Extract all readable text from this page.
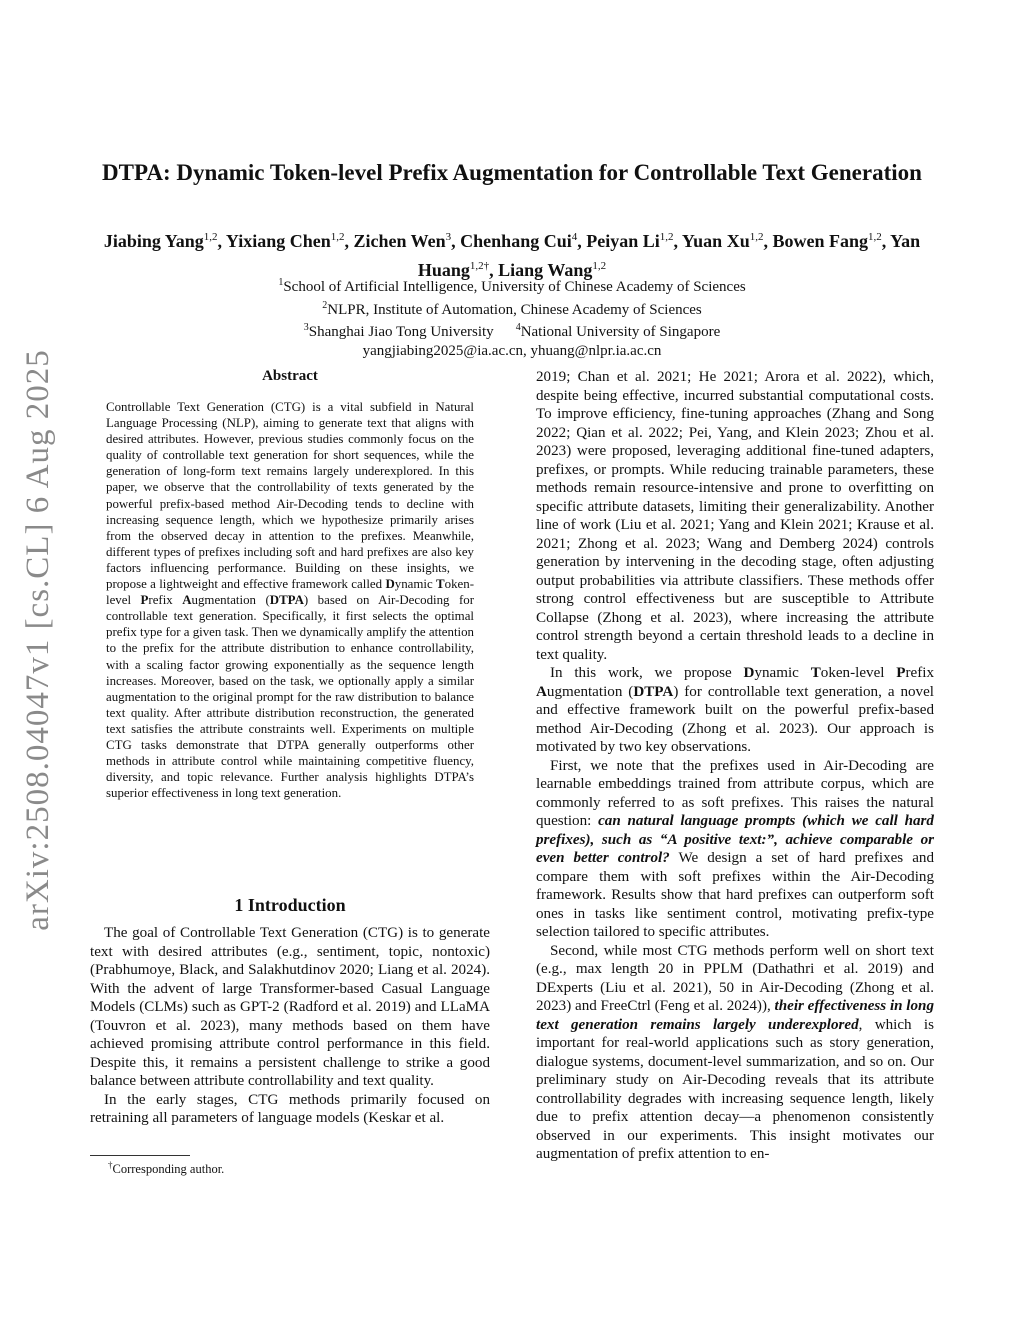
arXiv:2508.04047v1 [cs.CL] 6 Aug 2025
DTPA: Dynamic Token-level Prefix Augmentation for Controllable Text Generation
Jiabing Yang$^{1,2}$, Yixiang Chen$^{1,2}$, Zichen Wen$^3$, Chenhang Cui$^4$, Peiyan Li$^{1,2}$, Yuan Xu$^{1,2}$, Bowen Fang$^{1,2}$, Yan Huang$^{1,2\dagger}$, Liang Wang$^{1,2}$
$^1$School of Artificial Intelligence, University of Chinese Academy of Sciences
$^2$NLPR, Institute of Automation, Chinese Academy of Sciences
$^3$Shanghai Jiao Tong University $^4$National University of Singapore
yangjiabing2025@ia.ac.cn, yhuang@nlpr.ia.ac.cn
Abstract
Controllable Text Generation (CTG) is a vital subfield in Natural Language Processing (NLP), aiming to generate text that aligns with desired attributes. However, previous studies commonly focus on the quality of controllable text generation for short sequences, while the generation of long-form text remains largely underexplored. In this paper, we observe that the controllability of texts generated by the powerful prefix-based method Air-Decoding tends to decline with increasing sequence length, which we hypothesize primarily arises from the observed decay in attention to the prefixes. Meanwhile, different types of prefixes including soft and hard prefixes are also key factors influencing performance. Building on these insights, we propose a lightweight and effective framework called Dynamic Token-level Prefix Augmentation (DTPA) based on Air-Decoding for controllable text generation. Specifically, it first selects the optimal prefix type for a given task. Then we dynamically amplify the attention to the prefix for the attribute distribution to enhance controllability, with a scaling factor growing exponentially as the sequence length increases. Moreover, based on the task, we optionally apply a similar augmentation to the original prompt for the raw distribution to balance text quality. After attribute distribution reconstruction, the generated text satisfies the attribute constraints well. Experiments on multiple CTG tasks demonstrate that DTPA generally outperforms other methods in attribute control while maintaining competitive fluency, diversity, and topic relevance. Further analysis highlights DTPA’s superior effectiveness in long text generation.
1 Introduction

The goal of Controllable Text Generation (CTG) is to generate text with desired attributes (e.g., sentiment, topic, nontoxic) (Prabhumoye, Black, and Salakhutdinov 2020; Liang et al. 2024). With the advent of large Transformer-based Casual Language Models (CLMs) such as GPT-2 (Radford et al. 2019) and LLaMA (Touvron et al. 2023), many methods based on them have achieved promising attribute control performance in this field. Despite this, it remains a persistent challenge to strike a good balance between attribute controllability and text quality.

In the early stages, CTG methods primarily focused on retraining all parameters of language models (Keskar et al.

†Corresponding author.

2019; Chan et al. 2021; He 2021; Arora et al. 2022), which, despite being effective, incurred substantial computational costs. To improve efficiency, fine-tuning approaches (Zhang and Song 2022; Qian et al. 2022; Pei, Yang, and Klein 2023; Zhou et al. 2023) were proposed, leveraging additional fine-tuned adapters, prefixes, or prompts. While reducing trainable parameters, these methods remain resource-intensive and prone to overfitting on specific attribute datasets, limiting their generalizability. Another line of work (Liu et al. 2021; Yang and Klein 2021; Krause et al. 2021; Zhong et al. 2023; Wang and Demberg 2024) controls generation by intervening in the decoding stage, often adjusting output probabilities via attribute classifiers. These methods offer strong control effectiveness but are susceptible to Attribute Collapse (Zhong et al. 2023), where increasing the attribute control strength beyond a certain threshold leads to a decline in text quality.

In this work, we propose Dynamic Token-level Prefix Augmentation (DTPA) for controllable text generation, a novel and effective framework built on the powerful prefix-based method Air-Decoding (Zhong et al. 2023). Our approach is motivated by two key observations.

First, we note that the prefixes used in Air-Decoding are learnable embeddings trained from attribute corpus, which are commonly referred to as soft prefixes. This raises the natural question: can natural language prompts (which we call hard prefixes), such as “A positive text:”, achieve comparable or even better control? We design a set of hard prefixes and compare them with soft prefixes within the Air-Decoding framework. Results show that hard prefixes can outperform soft ones in tasks like sentiment control, motivating prefix-type selection tailored to specific attributes.

Second, while most CTG methods perform well on short text (e.g., max length 20 in PPLM (Dathathri et al. 2019) and DExperts (Liu et al. 2021), 50 in Air-Decoding (Zhong et al. 2023) and FreeCtrl (Feng et al. 2024)), their effectiveness in long text generation remains largely underexplored, which is important for real-world applications such as story generation, dialogue systems, document-level summarization, and so on. Our preliminary study on Air-Decoding reveals that its attribute controllability degrades with increasing sequence length, likely due to prefix attention decay—a phenomenon consistently observed in our experiments. This insight motivates our augmentation of prefix attention to en-
